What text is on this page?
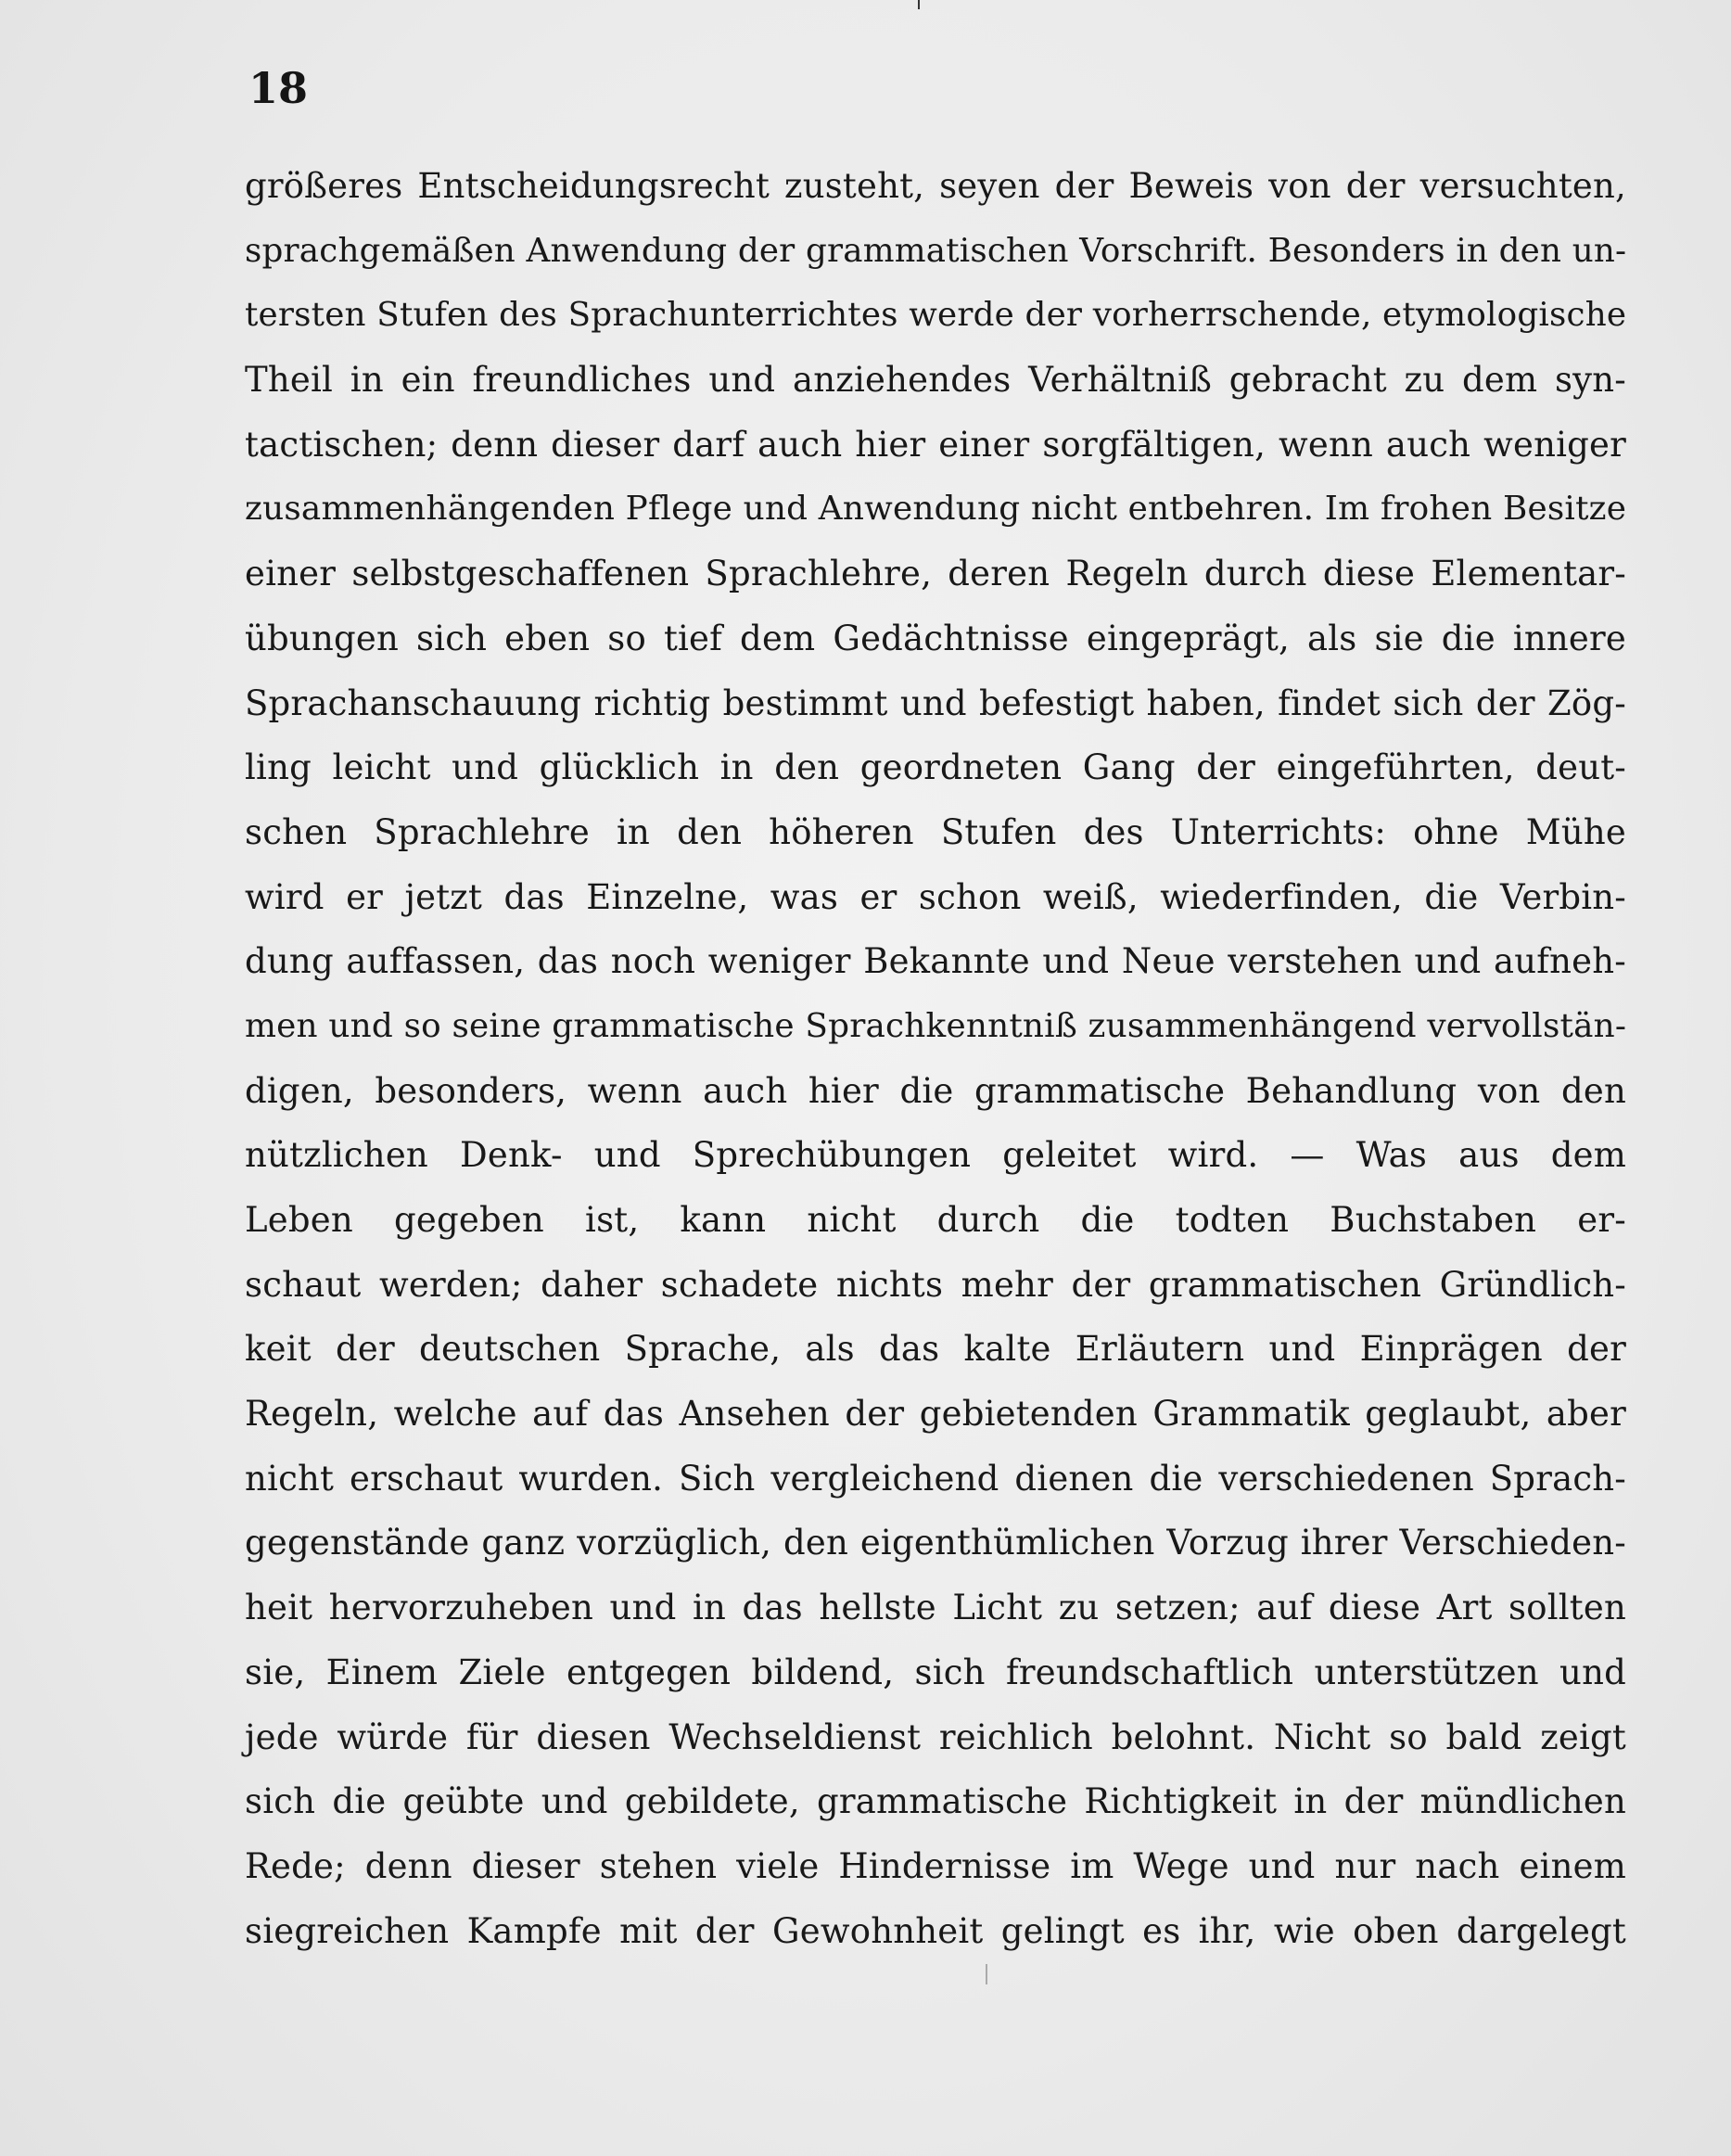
18
größeres Entscheidungsrecht zusteht, seyen der Beweis von der versuchten,
sprachgemäßen Anwendung der grammatischen Vorschrift. Besonders in den un-
tersten Stufen des Sprachunterrichtes werde der vorherrschende, etymologische
Theil in ein freundliches und anziehendes Verhältniß gebracht zu dem syn-
tactischen; denn dieser darf auch hier einer sorgfältigen, wenn auch weniger
zusammenhängenden Pflege und Anwendung nicht entbehren. Im frohen Besitze
einer selbstgeschaffenen Sprachlehre, deren Regeln durch diese Elementar-
übungen sich eben so tief dem Gedächtnisse eingeprägt, als sie die innere
Sprachanschauung richtig bestimmt und befestigt haben, findet sich der Zög-
ling leicht und glücklich in den geordneten Gang der eingeführten, deut-
schen Sprachlehre in den höheren Stufen des Unterrichts: ohne Mühe
wird er jetzt das Einzelne, was er schon weiß, wiederfinden, die Verbin-
dung auffassen, das noch weniger Bekannte und Neue verstehen und aufneh-
men und so seine grammatische Sprachkenntniß zusammenhängend vervollstän-
digen, besonders, wenn auch hier die grammatische Behandlung von den
nützlichen Denk- und Sprechübungen geleitet wird. — Was aus dem
Leben gegeben ist, kann nicht durch die todten Buchstaben er-
schaut werden; daher schadete nichts mehr der grammatischen Gründlich-
keit der deutschen Sprache, als das kalte Erläutern und Einprägen der
Regeln, welche auf das Ansehen der gebietenden Grammatik geglaubt, aber
nicht erschaut wurden. Sich vergleichend dienen die verschiedenen Sprach-
gegenstände ganz vorzüglich, den eigenthümlichen Vorzug ihrer Verschieden-
heit hervorzuheben und in das hellste Licht zu setzen; auf diese Art sollten
sie, Einem Ziele entgegen bildend, sich freundschaftlich unterstützen und
jede würde für diesen Wechseldienst reichlich belohnt. Nicht so bald zeigt
sich die geübte und gebildete, grammatische Richtigkeit in der mündlichen
Rede; denn dieser stehen viele Hindernisse im Wege und nur nach einem
siegreichen Kampfe mit der Gewohnheit gelingt es ihr, wie oben dargelegt
